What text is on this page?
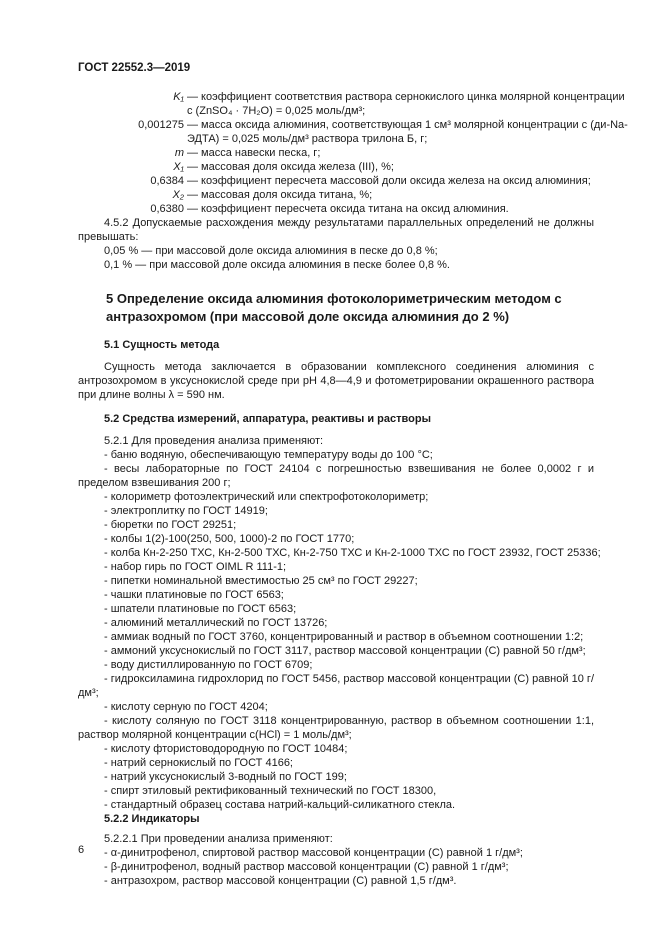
ГОСТ 22552.3—2019
K₁ — коэффициент соответствия раствора сернокислого цинка молярной концентрации
c (ZnSO₄ · 7H₂O) = 0,025 моль/дм³;
0,001275 — масса оксида алюминия, соответствующая 1 см³ молярной концентрации с (ди-Na-
ЭДТА) = 0,025 моль/дм³ раствора трилона Б, г;
m — масса навески песка, г;
X₁ — массовая доля оксида железа (III), %;
0,6384 — коэффициент пересчета массовой доли оксида железа на оксид алюминия;
X₂ — массовая доля оксида титана, %;
0,6380 — коэффициент пересчета оксида титана на оксид алюминия.

4.5.2 Допускаемые расхождения между результатами параллельных определений не должны превышать:

0,05 % — при массовой доле оксида алюминия в песке до 0,8 %;
0,1 % — при массовой доле оксида алюминия в песке более 0,8 %.
5 Определение оксида алюминия фотоколориметрическим методом с антразохромом (при массовой доле оксида алюминия до 2 %)
5.1 Сущность метода

Сущность метода заключается в образовании комплексного соединения алюминия с антрозохромом в уксуснокислой среде при рН 4,8—4,9 и фотометрировании окрашенного раствора при длине волны λ = 590 нм.

5.2 Средства измерений, аппаратура, реактивы и растворы
5.2.1 Для проведения анализа применяют:
- баню водяную, обеспечивающую температуру воды до 100 °С;

- весы лабораторные по ГОСТ 24104 с погрешностью взвешивания не более 0,0002 г и пределом взвешивания 200 г;

- колориметр фотоэлектрический или спектрофотоколориметр;
- электроплитку по ГОСТ 14919;
- бюретки по ГОСТ 29251;
- колбы 1(2)-100(250, 500, 1000)-2 по ГОСТ 1770;
- колба Кн-2-250 ТХС, Кн-2-500 ТХС, Кн-2-750 ТХС и Кн-2-1000 ТХС по ГОСТ 23932, ГОСТ 25336;
- набор гирь по ГОСТ OIML R 111-1;
- пипетки номинальной вместимостью 25 см³ по ГОСТ 29227;
- чашки платиновые по ГОСТ 6563;
- шпатели платиновые по ГОСТ 6563;
- алюминий металлический по ГОСТ 13726;
- аммиак водный по ГОСТ 3760, концентрированный и раствор в объемном соотношении 1:2;
- аммоний уксуснокислый по ГОСТ 3117, раствор массовой концентрации (С) равной 50 г/дм³;
- воду дистиллированную по ГОСТ 6709;

- гидроксиламина гидрохлорид по ГОСТ 5456, раствор массовой концентрации (С) равной 10 г/дм³;

- кислоту серную по ГОСТ 4204;

- кислоту соляную по ГОСТ 3118 концентрированную, раствор в объемном соотношении 1:1, раствор молярной концентрации с(HCl) = 1 моль/дм³;

- кислоту фтористоводородную по ГОСТ 10484;
- натрий сернокислый по ГОСТ 4166;
- натрий уксуснокислый 3-водный по ГОСТ 199;
- спирт этиловый ректификованный технический по ГОСТ 18300,
- стандартный образец состава натрий-кальций-силикатного стекла.
5.2.2 Индикаторы
5.2.2.1 При проведении анализа применяют:
- α-динитрофенол, спиртовой раствор массовой концентрации (С) равной 1 г/дм³;
- β-динитрофенол, водный раствор массовой концентрации (С) равной 1 г/дм³;
- антразохром, раствор массовой концентрации (С) равной 1,5 г/дм³.
6
